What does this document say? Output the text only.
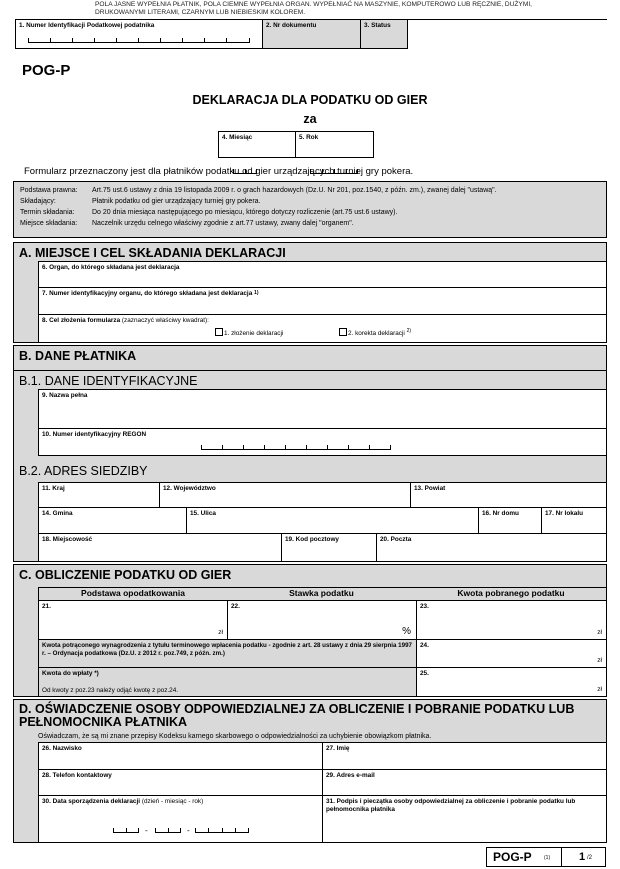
POLA JASNE WYPEŁNIA PŁATNIK, POLA CIEMNE WYPEŁNIA ORGAN. WYPEŁNIAĆ NA MASZYNIE, KOMPUTEROWO LUB RĘCZNIE, DUŻYMI, DRUKOWANYMI LITERAMI, CZARNYM LUB NIEBIESKIM KOLOREM.
1. Numer Identyfikacji Podatkowej podatnika	2. Nr dokumentu	3. Status
POG-P
DEKLARACJA DLA PODATKU OD GIER
za
4. Miesiąc	5. Rok
Formularz przeznaczony jest dla płatników podatku od gier urządzających turniej gry pokera.
Podstawa prawna:	Art.75 ust.6 ustawy z dnia 19 listopada 2009 r. o grach hazardowych (Dz.U. Nr 201, poz.1540, z późn. zm.), zwanej dalej "ustawą".
Składający:	Płatnik podatku od gier urządzający turniej gry pokera.
Termin składania:	Do 20 dnia miesiąca następującego po miesiącu, którego dotyczy rozliczenie (art.75 ust.6 ustawy).
Miejsce składania:	Naczelnik urzędu celnego właściwy zgodnie z art.77 ustawy, zwany dalej "organem".
A. MIEJSCE I CEL SKŁADANIA DEKLARACJI
6. Organ, do którego składana jest deklaracja
7. Numer identyfikacyjny organu, do którego składana jest deklaracja $^{1)}$
8. Cel złożenia formularza (zaznaczyć właściwy kwadrat):
1. złożenie deklaracji	2. korekta deklaracji $^{2)}$
B. DANE PŁATNIKA
B.1. DANE IDENTYFIKACYJNE
9. Nazwa pełna
10. Numer identyfikacyjny REGON
B.2. ADRES SIEDZIBY
11. Kraj	12. Województwo	13. Powiat
14. Gmina	15. Ulica	16. Nr domu	17. Nr lokalu
18. Miejscowość	19. Kod pocztowy	20. Poczta
C. OBLICZENIE PODATKU OD GIER
Podstawa opodatkowania	Stawka podatku	Kwota pobranego podatku
21.
zł
22.
%
23.
zł
Kwota potrąconego wynagrodzenia z tytułu terminowego wpłacenia podatku - zgodnie z art. 28 ustawy z dnia 29 sierpnia 1997 r. – Ordynacja podatkowa (Dz.U. z 2012 r. poz.749, z późn. zm.)
24.
zł
Kwota do wpłaty *)
Od kwoty z poz.23 należy odjąć kwotę z poz.24.
25.
zł
D. OŚWIADCZENIE OSOBY ODPOWIEDZIALNEJ ZA OBLICZENIE I POBRANIE PODATKU LUB PEŁNOMOCNIKA PŁATNIKA
Oświadczam, że są mi znane przepisy Kodeksu karnego skarbowego o odpowiedzialności za uchybienie obowiązkom płatnika.
26. Nazwisko	27. Imię
28. Telefon kontaktowy	29. Adres e-mail
30. Data sporządzenia deklaracji (dzień - miesiąc - rok)
-	-
31. Podpis i pieczątka osoby odpowiedzialnej za obliczenie i pobranie podatku lub pełnomocnika płatnika
POG-P (1)	1 /2
